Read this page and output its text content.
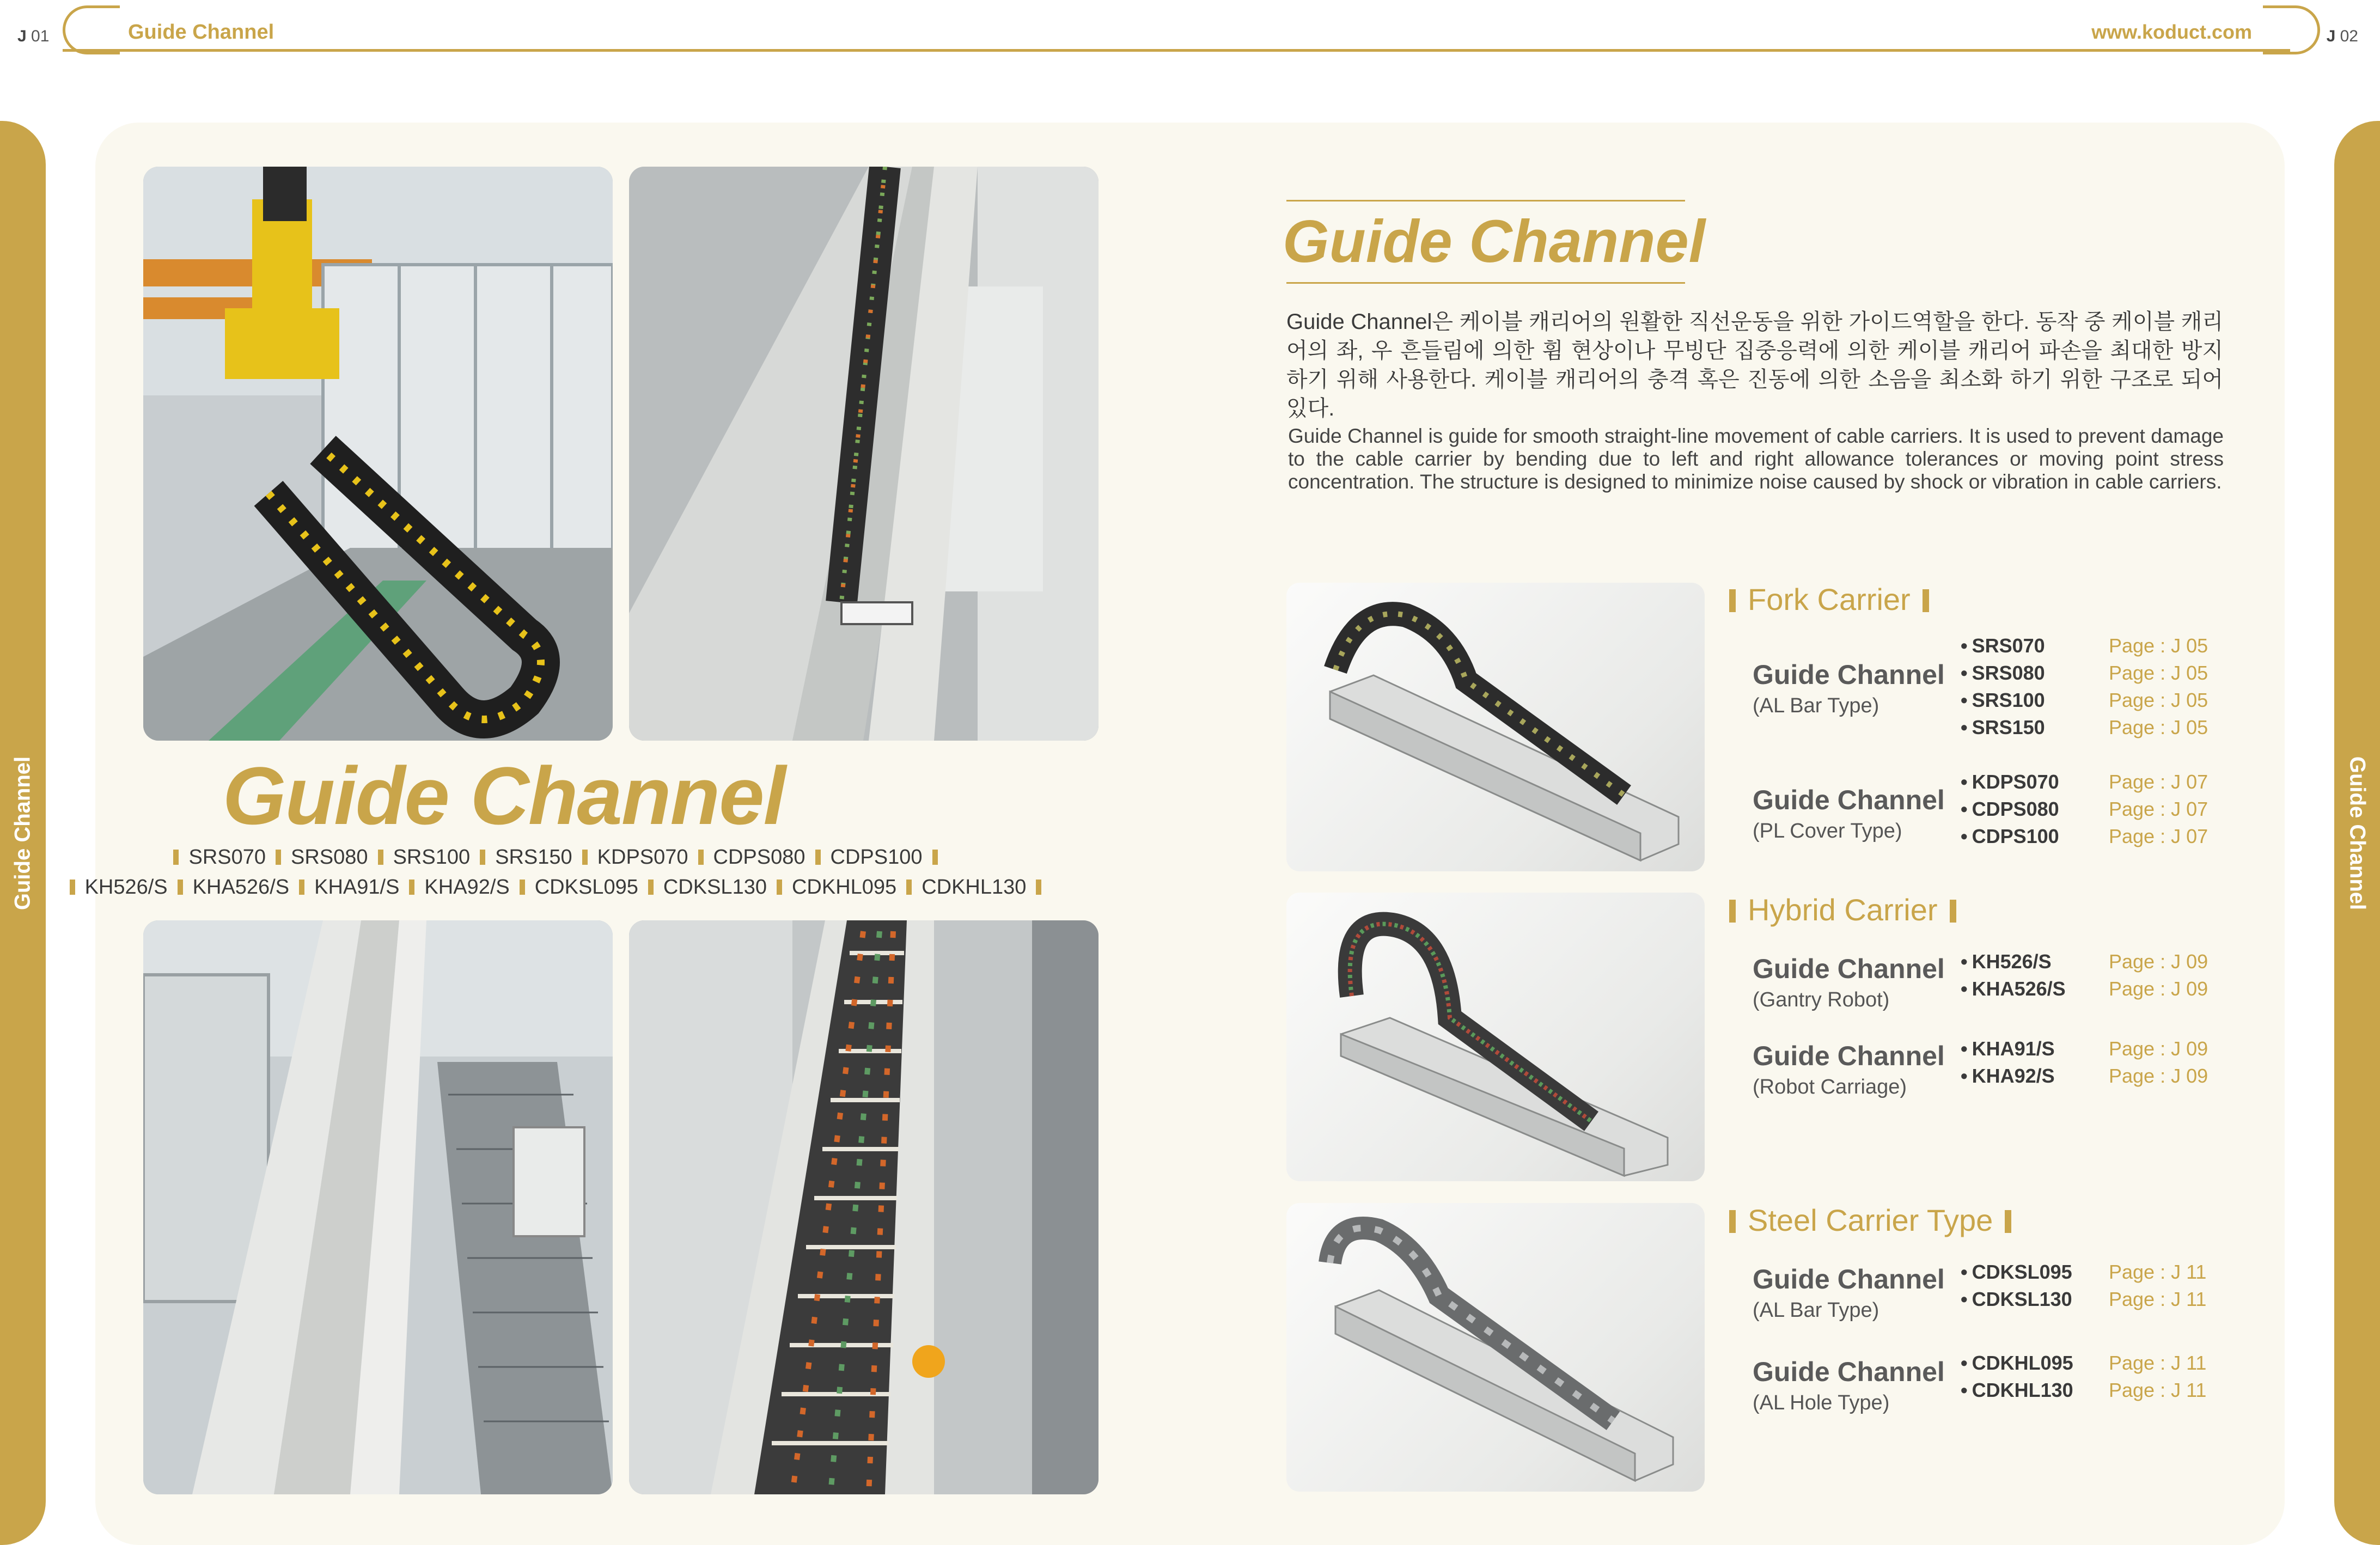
J 01	J 02
Guide Channel	www.koduct.com
Guide Channel	Guide Channel
Guide Channel
SRS070 SRS080 SRS100 SRS150 KDPS070 CDPS080 CDPS100
KH526/S KHA526/S KHA91/S KHA92/S CDKSL095 CDKSL130 CDKHL095 CDKHL130
Guide Channel
Guide Channel은 케이블 캐리어의 원활한 직선운동을 위한 가이드역할을 한다. 동작 중 케이블 캐리어의 좌, 우 흔들림에 의한 휨 현상이나 무빙단 집중응력에 의한 케이블 캐리어 파손을 최대한 방지 하기 위해 사용한다. 케이블 캐리어의 충격 혹은 진동에 의한 소음을 최소화 하기 위한 구조로 되어 있다.
Guide Channel is guide for smooth straight-line movement of cable carriers. It is used to prevent damage to the cable carrier by bending due to left and right allowance tolerances or moving point stress concentration. The structure is designed to minimize noise caused by shock or vibration in cable carriers.
Fork Carrier
Guide Channel
(AL Bar Type)
• SRS070	Page : J 05
• SRS080	Page : J 05
• SRS100	Page : J 05
• SRS150	Page : J 05
Guide Channel
(PL Cover Type)
• KDPS070	Page : J 07
• CDPS080	Page : J 07
• CDPS100	Page : J 07
Hybrid Carrier
Guide Channel
(Gantry Robot)
• KH526/S	Page : J 09
• KHA526/S Page : J 09
Guide Channel
(Robot Carriage)
• KHA91/S	Page : J 09
• KHA92/S	Page : J 09
Steel Carrier Type
Guide Channel
(AL Bar Type)
• CDKSL095 Page : J 11
• CDKSL130 Page : J 11
Guide Channel
(AL Hole Type)
• CDKHL095 Page : J 11
• CDKHL130 Page : J 11
